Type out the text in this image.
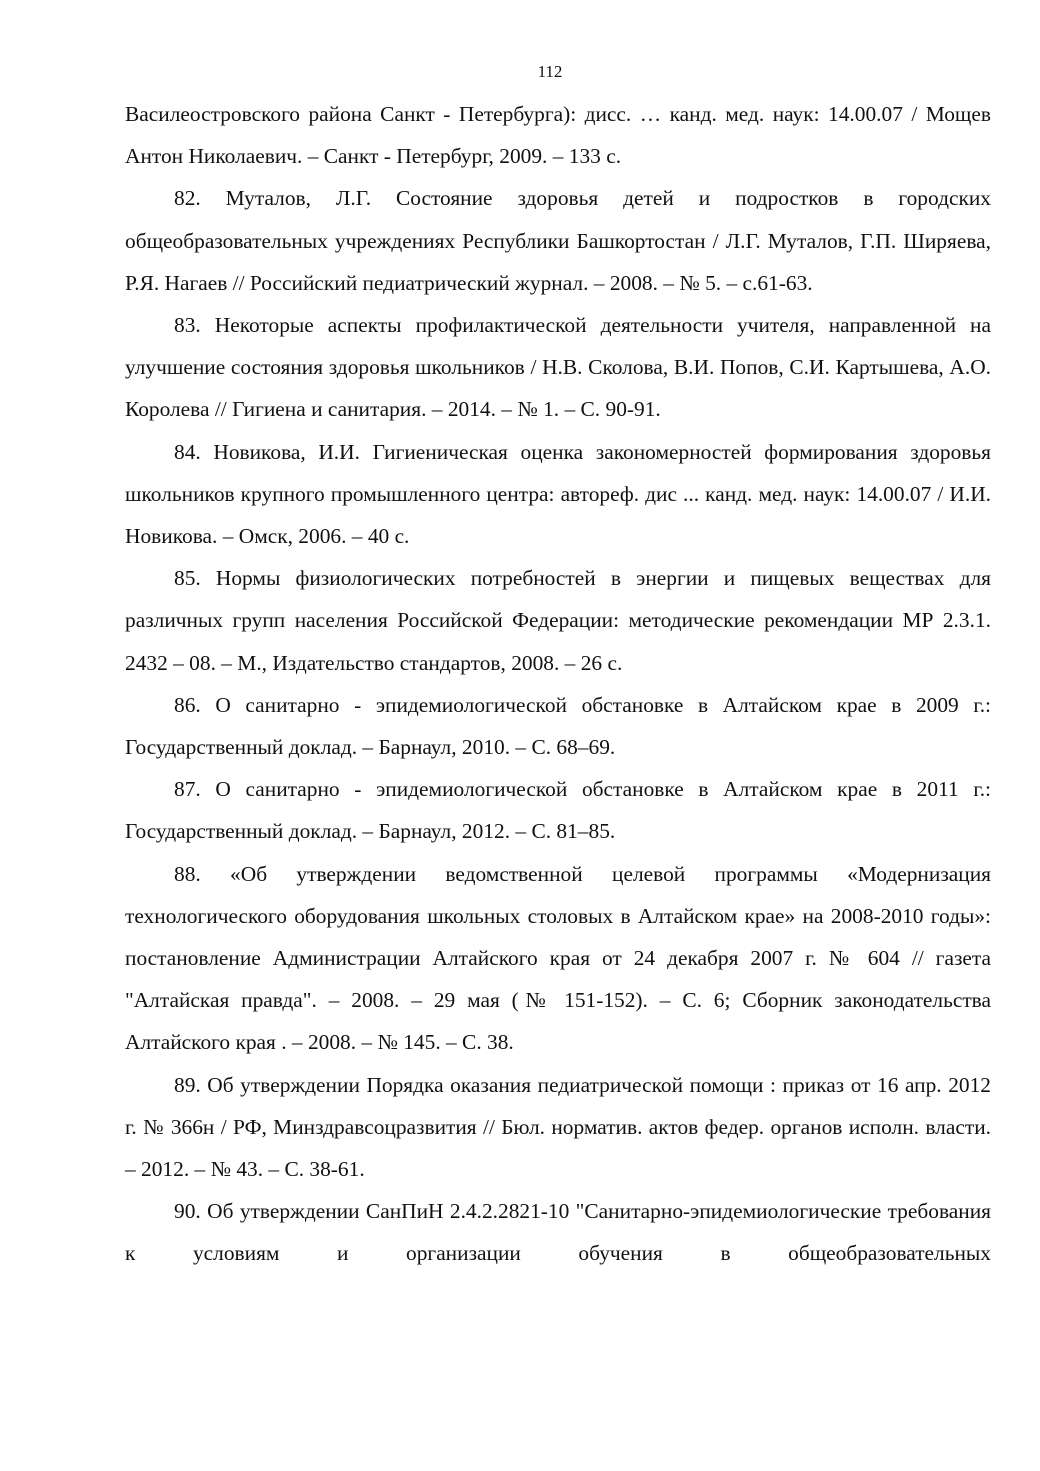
112

Василеостровского района Санкт - Петербурга): дисс. … канд. мед. наук: 14.00.07 / Мощев Антон Николаевич. – Санкт - Петербург, 2009. – 133 с.

82. Муталов, Л.Г. Состояние здоровья детей и подростков в городских общеобразовательных учреждениях Республики Башкортостан / Л.Г. Муталов, Г.П. Ширяева, Р.Я. Нагаев // Российский педиатрический журнал. – 2008. – № 5. – с.61-63.

83. Некоторые аспекты профилактической деятельности учителя, направленной на улучшение состояния здоровья школьников / Н.В. Сколова, В.И. Попов, С.И. Картышева, А.О. Королева // Гигиена и санитария. – 2014. – № 1. – С. 90-91.

84. Новикова, И.И. Гигиеническая оценка закономерностей формирования здоровья школьников крупного промышленного центра: автореф. дис ... канд. мед. наук: 14.00.07 / И.И. Новикова. – Омск, 2006. – 40 с.

85. Нормы физиологических потребностей в энергии и пищевых веществах для различных групп населения Российской Федерации: методические рекомендации МР 2.3.1. 2432 – 08. – М., Издательство стандартов, 2008. – 26 с.

86. О санитарно - эпидемиологической обстановке в Алтайском крае в 2009 г.: Государственный доклад. – Барнаул, 2010. – С. 68–69.

87. О санитарно - эпидемиологической обстановке в Алтайском крае в 2011 г.: Государственный доклад. – Барнаул, 2012. – С. 81–85.

88. «Об утверждении ведомственной целевой программы «Модернизация технологического оборудования школьных столовых в Алтайском крае» на 2008-2010 годы»: постановление Администрации Алтайского края от 24 декабря 2007 г. № 604 // газета "Алтайская правда". – 2008. – 29 мая (№ 151-152). – С. 6; Сборник законодательства Алтайского края . – 2008. – № 145. – С. 38.

89. Об утверждении Порядка оказания педиатрической помощи : приказ от 16 апр. 2012 г. № 366н / РФ, Минздравсоцразвития // Бюл. норматив. актов федер. органов исполн. власти. – 2012. – № 43. – С. 38-61.

90. Об утверждении СанПиН 2.4.2.2821-10 "Санитарно-эпидемиологические требования к условиям и организации обучения в общеобразовательных
